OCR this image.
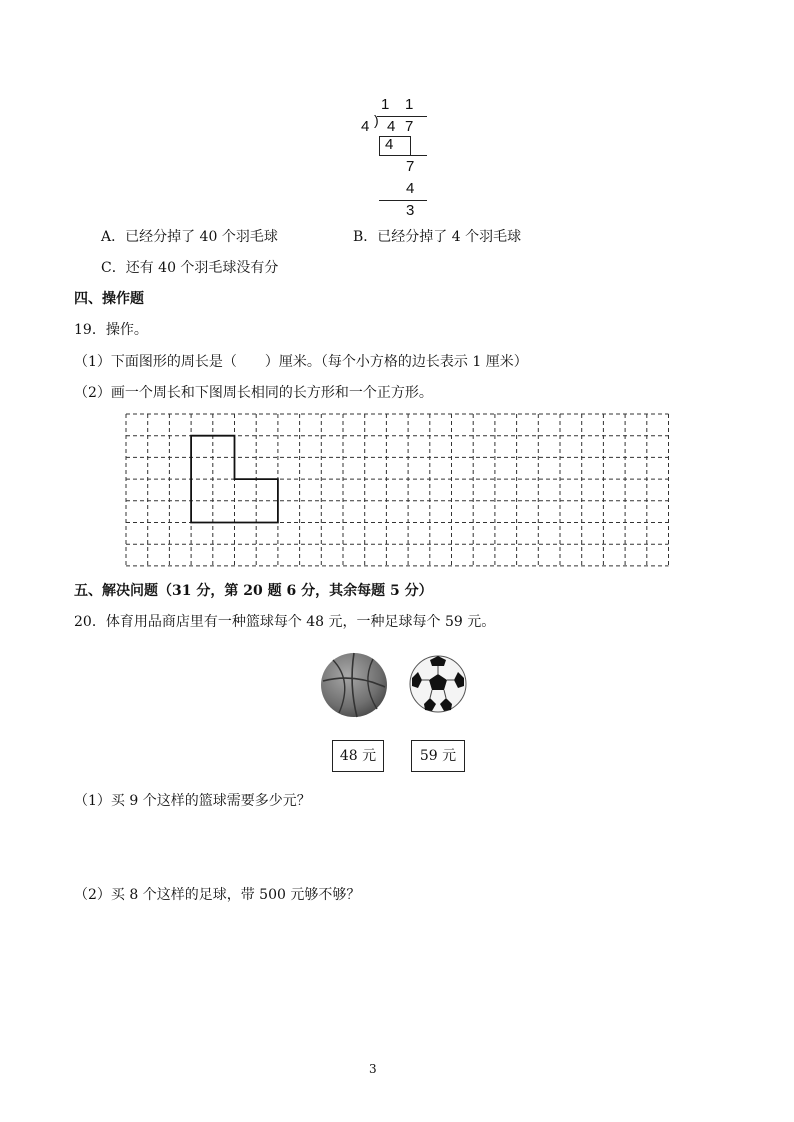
1 1
4 ) 4 7
4
7
4
3
A．已经分掉了 40 个羽毛球	B．已经分掉了 4 个羽毛球
C．还有 40 个羽毛球没有分
四、操作题
19．操作。
（1）下面图形的周长是（　　）厘米。（每个小方格的边长表示 1 厘米）
（2）画一个周长和下图周长相同的长方形和一个正方形。
五、解决问题（31 分，第 20 题 6 分，其余每题 5 分）
20．体育用品商店里有一种篮球每个 48 元，一种足球每个 59 元。
48 元	59 元
（1）买 9 个这样的篮球需要多少元？
（2）买 8 个这样的足球，带 500 元够不够？
3
